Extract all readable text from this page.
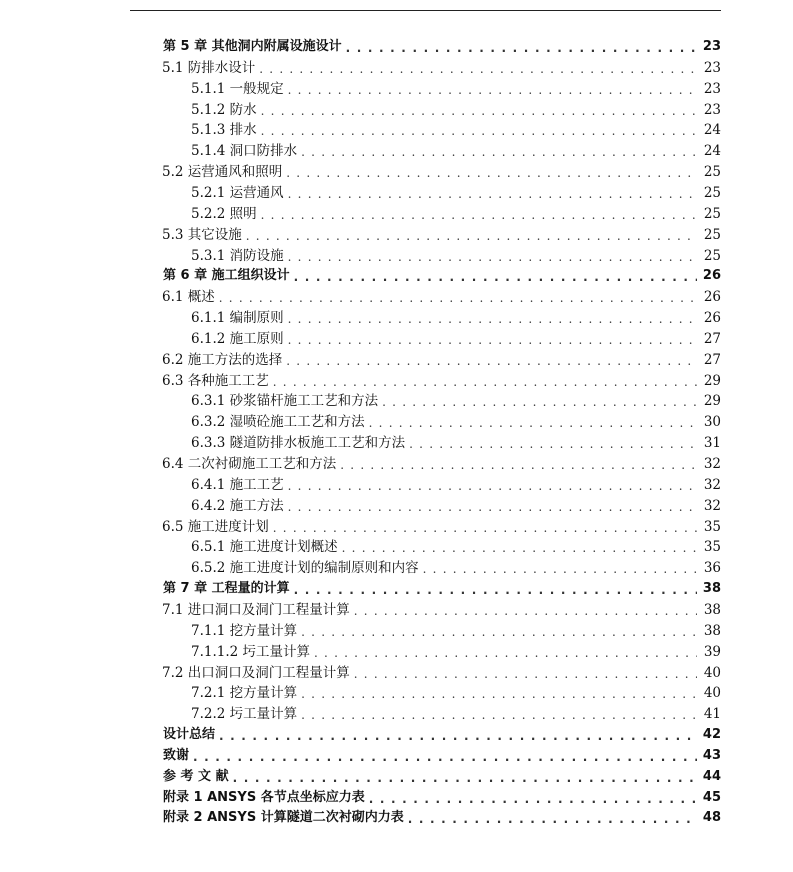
第 5 章 其他洞内附属设施设计 . . .	23
5.1 防排水设计 . . .	23
5.1.1 一般规定 . . .	23
5.1.2 防水 . . .	23
5.1.3 排水 . . .	24
5.1.4 洞口防排水 . . .	24
5.2 运营通风和照明 . . .	25
5.2.1 运营通风 . . .	25
5.2.2 照明 . . .	25
5.3 其它设施 . . .	25
5.3.1 消防设施 . . .	25
第 6 章 施工组织设计 . . .	26
6.1 概述 . . .	26
6.1.1 编制原则 . . .	26
6.1.2 施工原则 . . .	27
6.2 施工方法的选择 . . .	27
6.3 各种施工工艺 . . .	29
6.3.1 砂浆锚杆施工工艺和方法 . . .	29
6.3.2 湿喷砼施工工艺和方法 . . .	30
6.3.3 隧道防排水板施工工艺和方法 . . .	31
6.4 二次衬砌施工工艺和方法 . . .	32
6.4.1 施工工艺 . . .	32
6.4.2 施工方法 . . .	32
6.5 施工进度计划 . . .	35
6.5.1 施工进度计划概述 . . .	35
6.5.2 施工进度计划的编制原则和内容 . . .	36
第 7 章 工程量的计算 . . .	38
7.1 进口洞口及洞门工程量计算 . . .	38
7.1.1 挖方量计算 . . .	38
7.1.1.2 圬工量计算 . . .	39
7.2 出口洞口及洞门工程量计算 . . .	40
7.2.1 挖方量计算 . . .	40
7.2.2 圬工量计算 . . .	41
设计总结 . . .	42
致谢 . . .	43
参 考 文 献 . . .	44
附录 1 ANSYS 各节点坐标应力表 . . .	45
附录 2 ANSYS 计算隧道二次衬砌内力表 . . .	48
